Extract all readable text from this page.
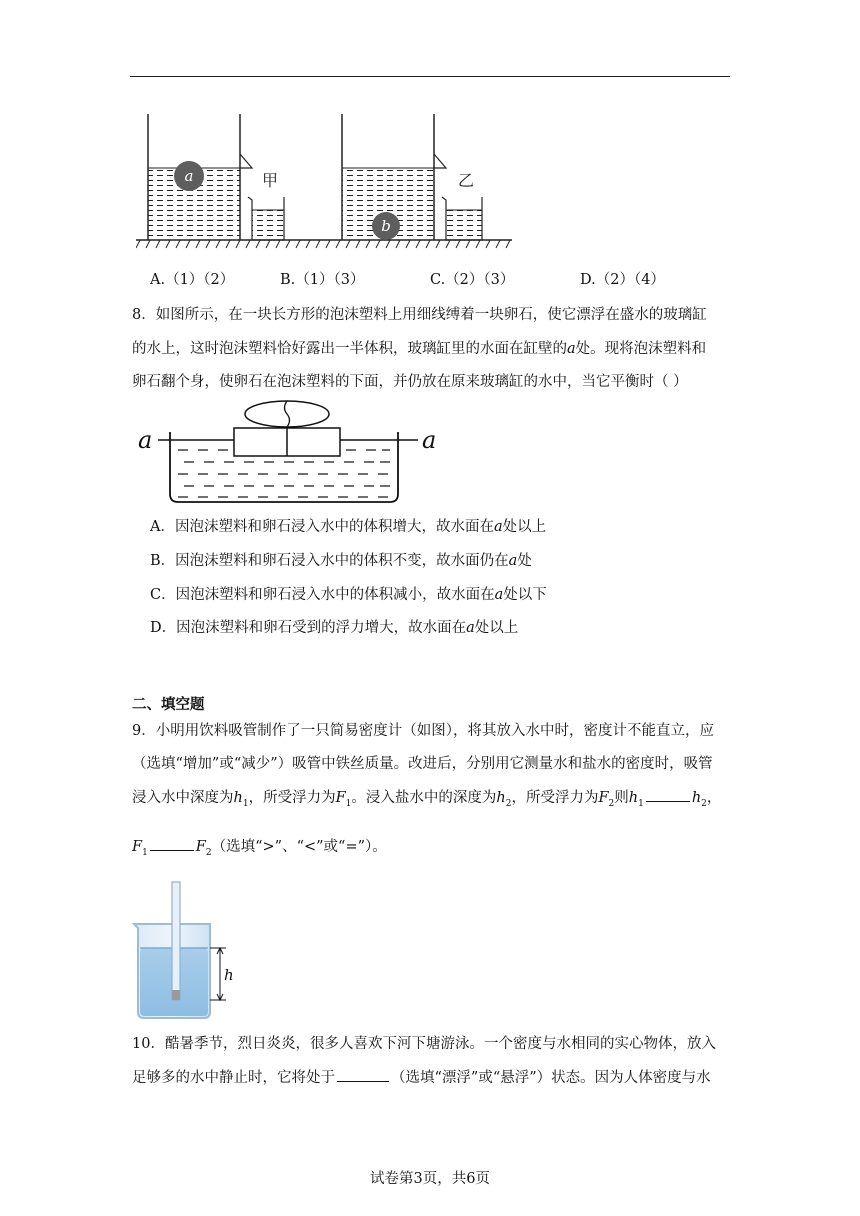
a	甲
b
乙
A.（1）（2）	B.（1）（3）	C.（2）（3）	D.（2）（4）
8．如图所示，在一块长方形的泡沫塑料上用细线缚着一块卵石，使它漂浮在盛水的玻璃缸
的水上，这时泡沫塑料恰好露出一半体积，玻璃缸里的水面在缸壁的a处。现将泡沫塑料和
卵石翻个身，使卵石在泡沫塑料的下面，并仍放在原来玻璃缸的水中，当它平衡时（ ）
a	a
A．因泡沫塑料和卵石浸入水中的体积增大，故水面在a处以上
B．因泡沫塑料和卵石浸入水中的体积不变，故水面仍在a处
C．因泡沫塑料和卵石浸入水中的体积减小，故水面在a处以下
D．因泡沫塑料和卵石受到的浮力增大，故水面在a处以上
二、填空题
9．小明用饮料吸管制作了一只简易密度计（如图），将其放入水中时，密度计不能直立，应
（选填“增加”或“减少”）吸管中铁丝质量。改进后，分别用它测量水和盐水的密度时，吸管
浸入水中深度为$h_1$，所受浮力为$F_1$。浸入盐水中的深度为$h_2$，所受浮力为$F_2$则$h_1$	$h_2$，
$F_1$	$F_2$（选填“>”、“<”或“=”）。
h
10．酷暑季节，烈日炎炎，很多人喜欢下河下塘游泳。一个密度与水相同的实心物体，放入
足够多的水中静止时，它将处于	（选填“漂浮”或“悬浮”）状态。因为人体密度与水
试卷第3页，共6页
